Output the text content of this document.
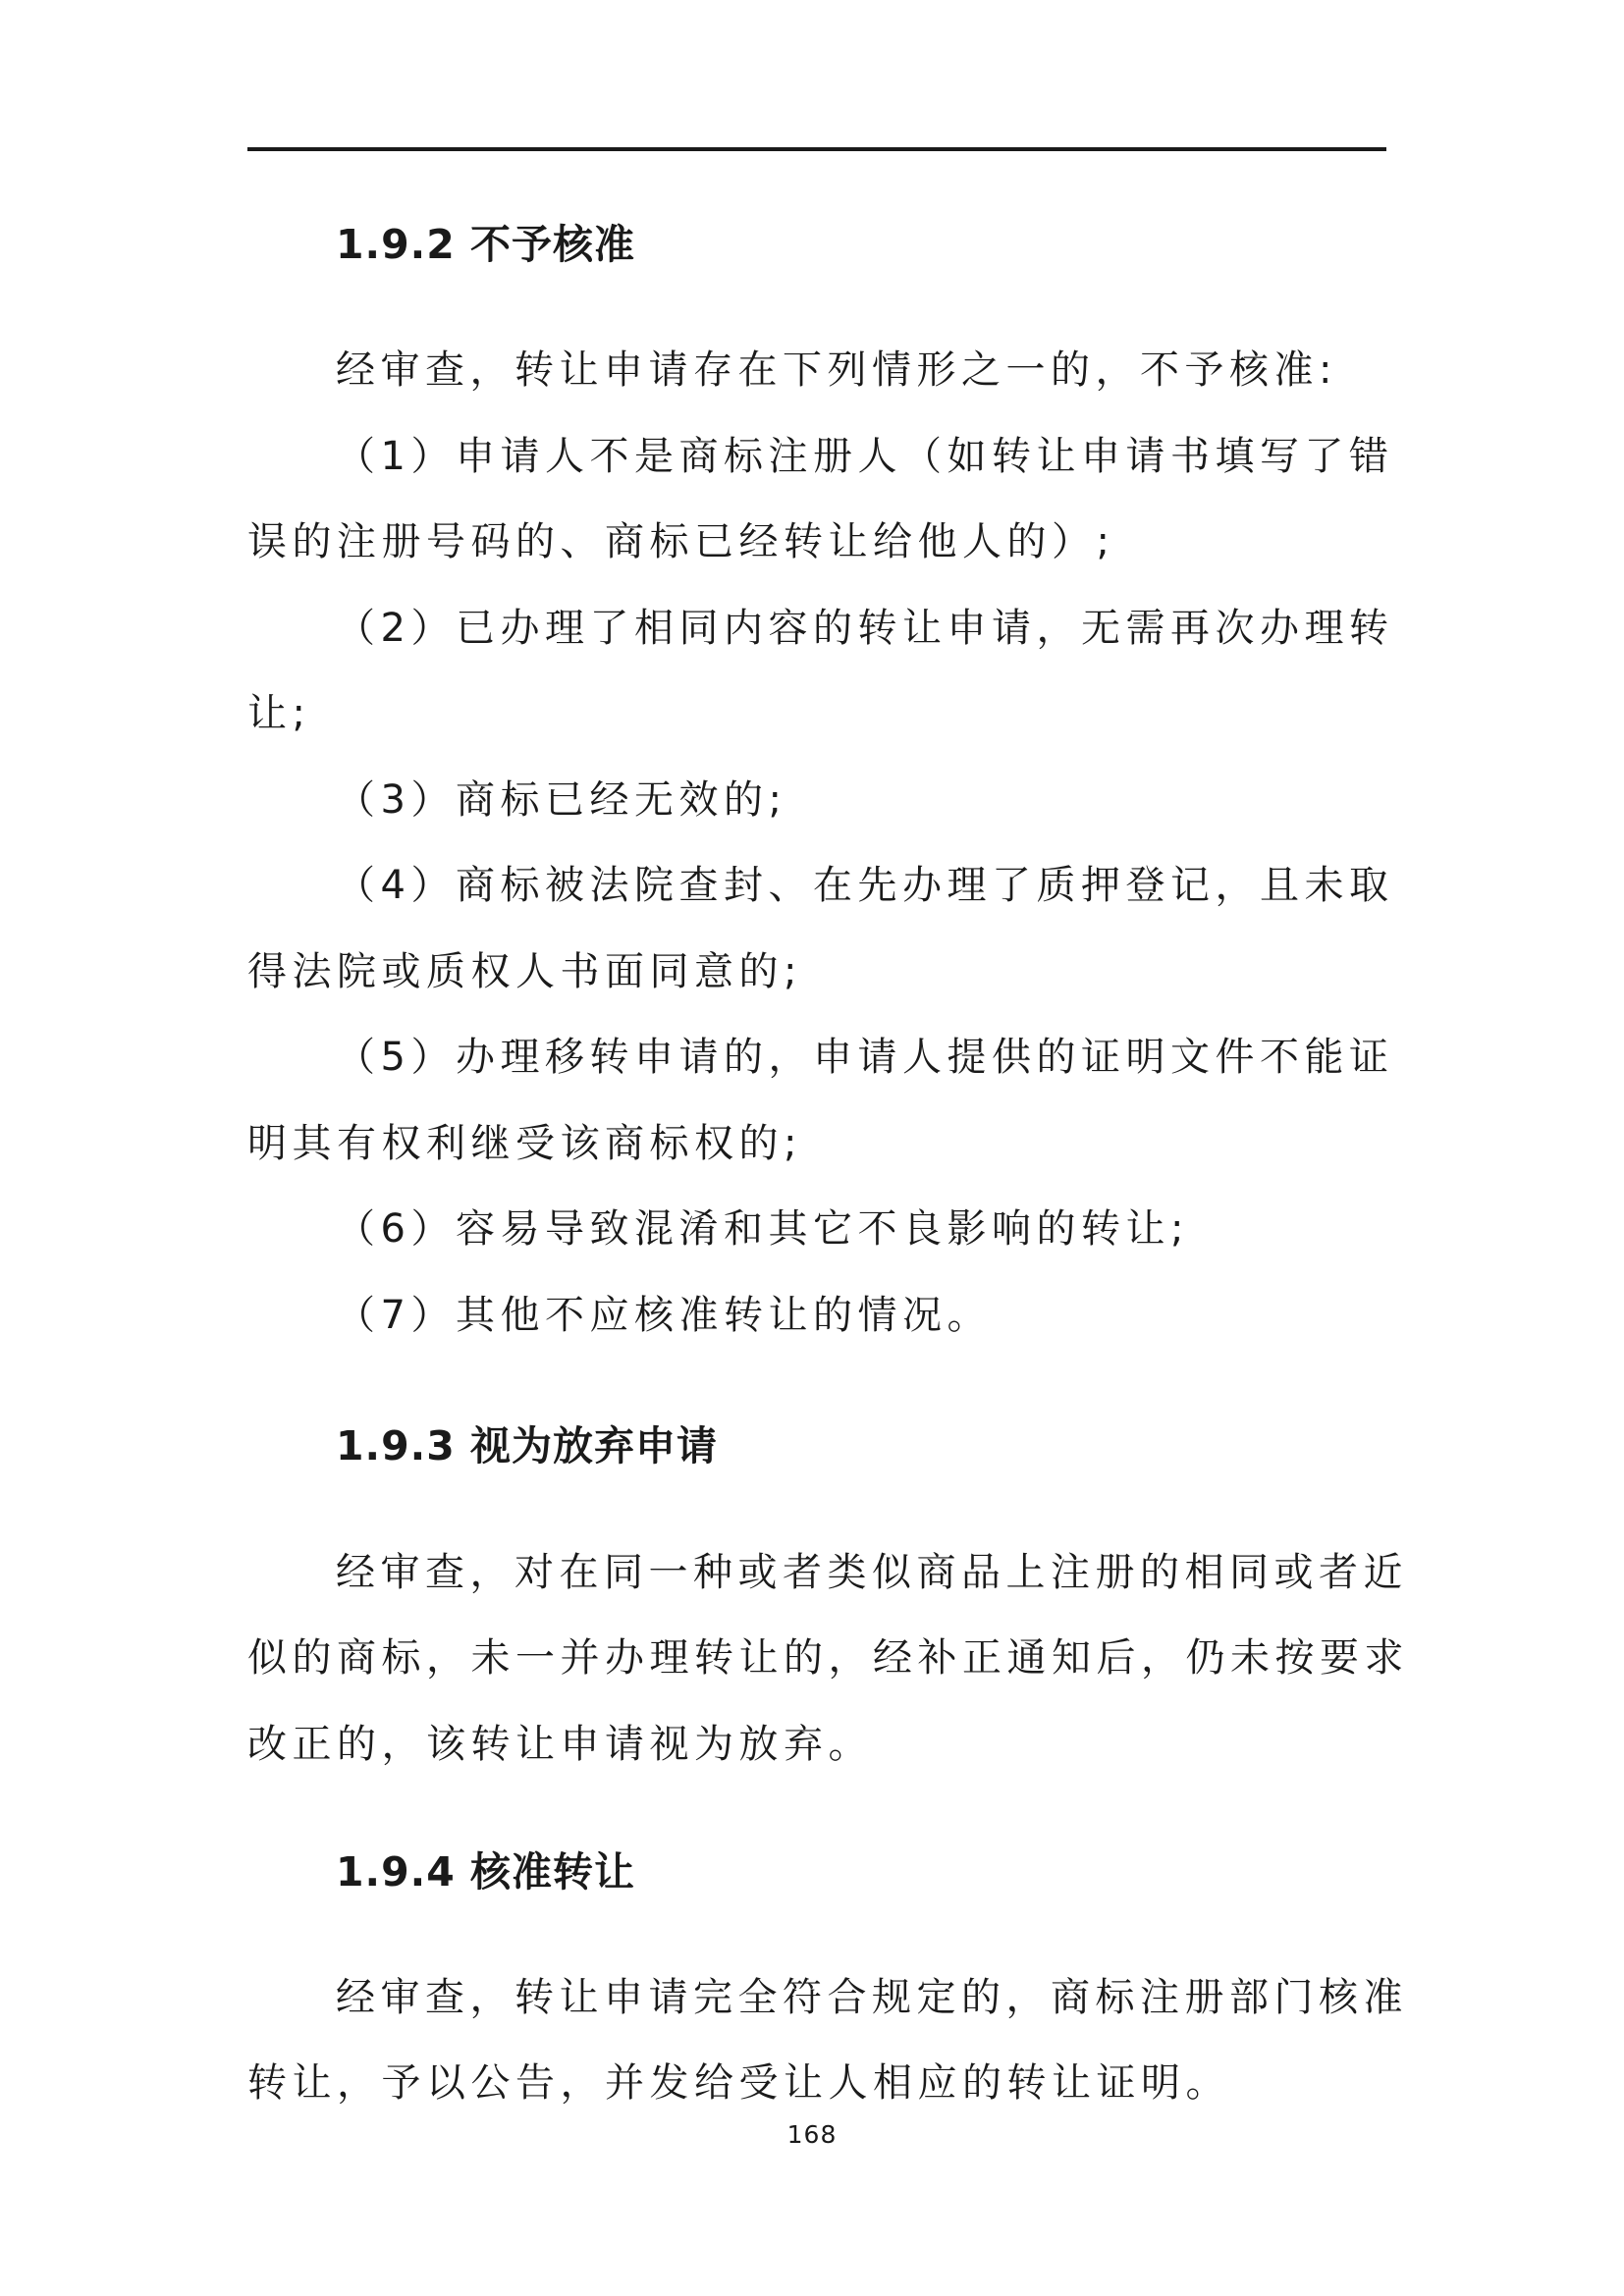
1.9.2 不予核准

经审查，转让申请存在下列情形之一的，不予核准:

（1）申请人不是商标注册人（如转让申请书填写了错

误的注册号码的、商标已经转让给他人的）;

（2）已办理了相同内容的转让申请，无需再次办理转

让;

（3）商标已经无效的;

（4）商标被法院查封、在先办理了质押登记，且未取

得法院或质权人书面同意的;

（5）办理移转申请的，申请人提供的证明文件不能证

明其有权利继受该商标权的;

（6）容易导致混淆和其它不良影响的转让;

（7）其他不应核准转让的情况。

1.9.3 视为放弃申请

经审查，对在同一种或者类似商品上注册的相同或者近

似的商标，未一并办理转让的，经补正通知后，仍未按要求

改正的，该转让申请视为放弃。

1.9.4 核准转让

经审查，转让申请完全符合规定的，商标注册部门核准

转让，予以公告，并发给受让人相应的转让证明。

168
